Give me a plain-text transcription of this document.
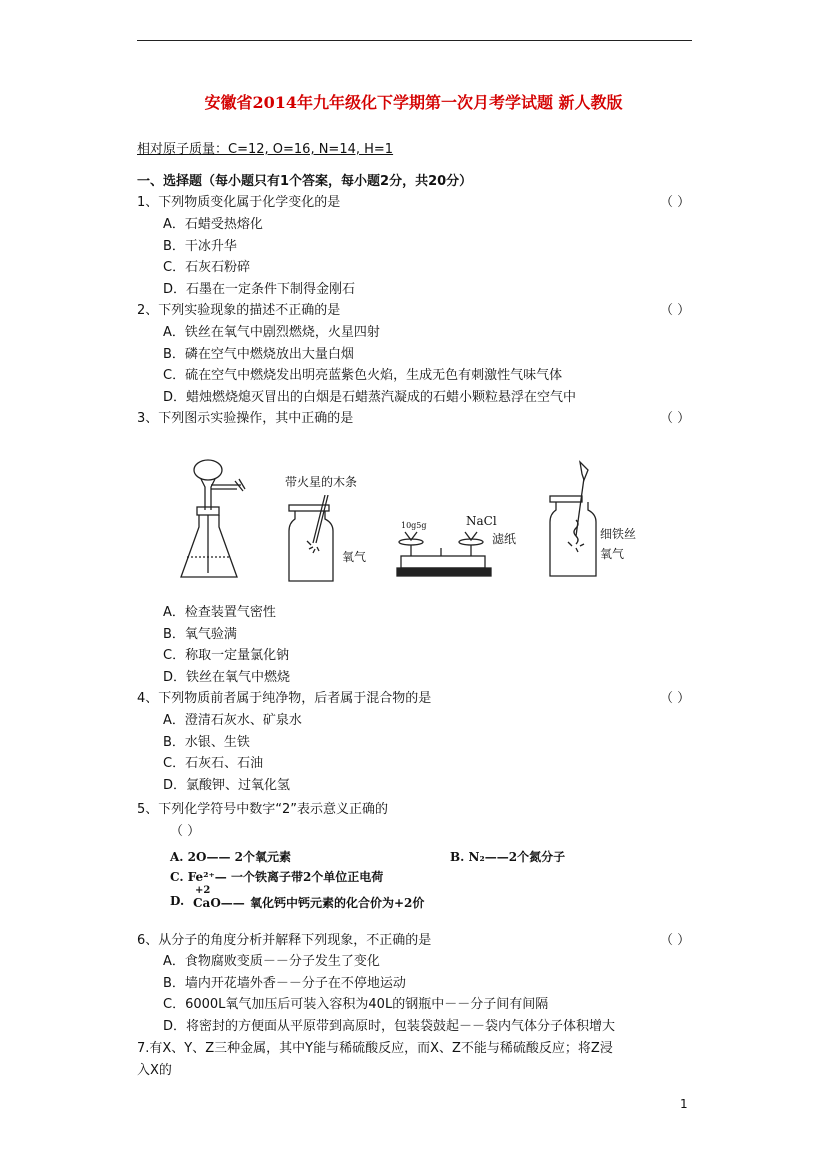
安徽省2014年九年级化下学期第一次月考学试题 新人教版
相对原子质量：C=12, O=16, N=14, H=1
一、选择题（每小题只有1个答案，每小题2分，共20分）
1、下列物质变化属于化学变化的是	（ ）
A．石蜡受热熔化
B．干冰升华
C．石灰石粉碎
D．石墨在一定条件下制得金刚石
2、下列实验现象的描述不正确的是	（ ）
A．铁丝在氧气中剧烈燃烧，火星四射
B．磷在空气中燃烧放出大量白烟
C．硫在空气中燃烧发出明亮蓝紫色火焰，生成无色有刺激性气味气体
D．蜡烛燃烧熄灭冒出的白烟是石蜡蒸汽凝成的石蜡小颗粒悬浮在空气中
3、下列图示实验操作，其中正确的是	（ ）
带火星的木条
氧气
10g5g	NaCl
滤纸	细铁丝
氧气
A．检查装置气密性
B．氧气验满
C．称取一定量氯化钠
D．铁丝在氧气中燃烧
4、下列物质前者属于纯净物，后者属于混合物的是	（ ）
A．澄清石灰水、矿泉水
B．水银、生铁
C．石灰石、石油
D．氯酸钾、过氧化氢
5、下列化学符号中数字“2”表示意义正确的
（ ）
A. 2O—— 2个氧元素	B. N₂——2个氮分子
C. Fe²⁺— 一个铁离子带2个单位正电荷
D.
+2
CaO—— 氧化钙中钙元素的化合价为+2价
6、从分子的角度分析并解释下列现象，不正确的是	（ ）
A．食物腐败变质－－分子发生了变化
B．墙内开花墙外香－－分子在不停地运动
C．6000L氧气加压后可装入容积为40L的钢瓶中－－分子间有间隔
D．将密封的方便面从平原带到高原时，包装袋鼓起－－袋内气体分子体积增大
7.有X、Y、Z三种金属，其中Y能与稀硫酸反应，而X、Z不能与稀硫酸反应；将Z浸
入X的
1
